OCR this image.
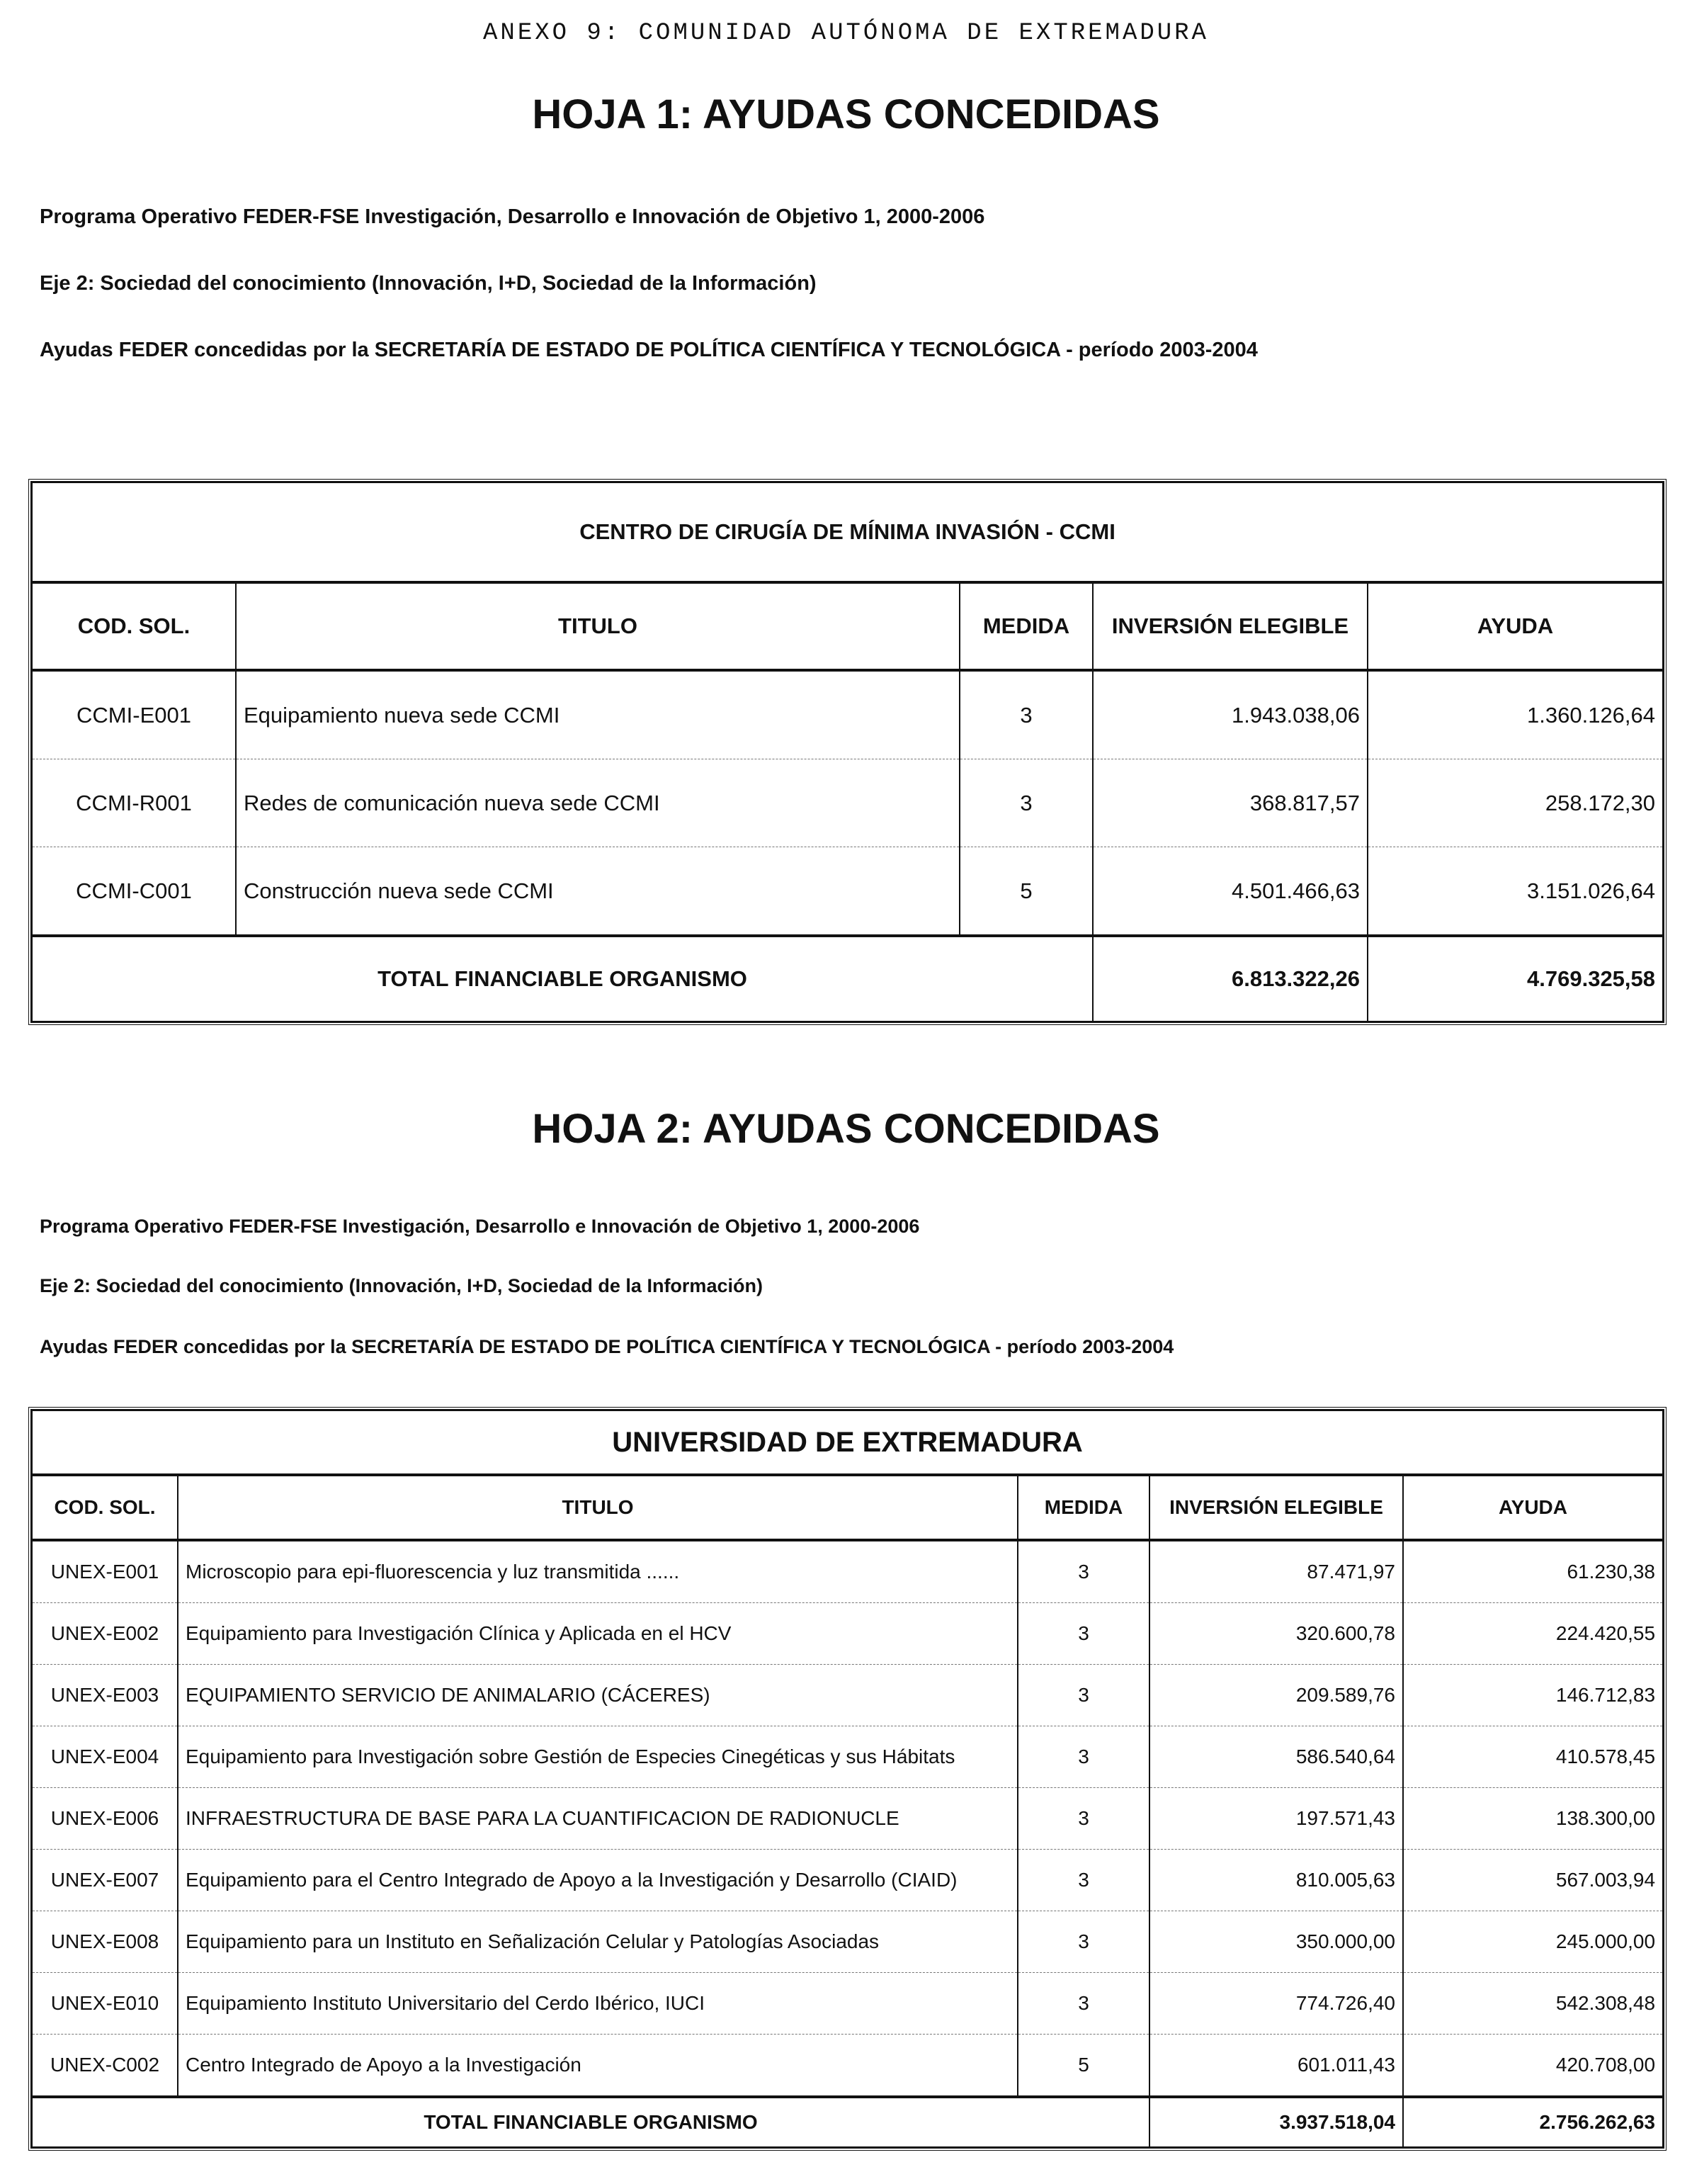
ANEXO 9: COMUNIDAD AUTÓNOMA DE EXTREMADURA
HOJA 1: AYUDAS CONCEDIDAS
Programa Operativo FEDER-FSE Investigación, Desarrollo e Innovación de Objetivo 1, 2000-2006
Eje 2: Sociedad del conocimiento (Innovación, I+D, Sociedad de la Información)
Ayudas FEDER concedidas por la SECRETARÍA DE ESTADO DE POLÍTICA CIENTÍFICA Y TECNOLÓGICA - período 2003-2004
CENTRO DE CIRUGÍA DE MÍNIMA INVASIÓN - CCMI				
COD. SOL.	TITULO	MEDIDA	INVERSIÓN ELEGIBLE	AYUDA
CCMI-E001	Equipamiento nueva sede CCMI	3	1.943.038,06	1.360.126,64
CCMI-R001	Redes de comunicación nueva sede CCMI	3	368.817,57	258.172,30
CCMI-C001	Construcción nueva sede CCMI	5	4.501.466,63	3.151.026,64
TOTAL FINANCIABLE ORGANISMO			6.813.322,26	4.769.325,58
HOJA 2: AYUDAS CONCEDIDAS
Programa Operativo FEDER-FSE Investigación, Desarrollo e Innovación de Objetivo 1, 2000-2006
Eje 2: Sociedad del conocimiento (Innovación, I+D, Sociedad de la Información)
Ayudas FEDER concedidas por la SECRETARÍA DE ESTADO DE POLÍTICA CIENTÍFICA Y TECNOLÓGICA - período 2003-2004
UNIVERSIDAD DE EXTREMADURA				
COD. SOL.	TITULO	MEDIDA	INVERSIÓN ELEGIBLE	AYUDA
UNEX-E001	Microscopio para epi-fluorescencia y luz transmitida ......	3	87.471,97	61.230,38
UNEX-E002	Equipamiento para Investigación Clínica y Aplicada en el HCV	3	320.600,78	224.420,55
UNEX-E003	EQUIPAMIENTO SERVICIO DE ANIMALARIO (CÁCERES)	3	209.589,76	146.712,83
UNEX-E004	Equipamiento para Investigación sobre Gestión de Especies Cinegéticas y sus Hábitats	3	586.540,64	410.578,45
UNEX-E006	INFRAESTRUCTURA DE BASE PARA LA CUANTIFICACION DE RADIONUCLE	3	197.571,43	138.300,00
UNEX-E007	Equipamiento para el Centro Integrado de Apoyo a la Investigación y Desarrollo (CIAID)	3	810.005,63	567.003,94
UNEX-E008	Equipamiento para un Instituto en Señalización Celular y Patologías Asociadas	3	350.000,00	245.000,00
UNEX-E010	Equipamiento Instituto Universitario del Cerdo Ibérico, IUCI	3	774.726,40	542.308,48
UNEX-C002	Centro Integrado de Apoyo a la Investigación	5	601.011,43	420.708,00
TOTAL FINANCIABLE ORGANISMO			3.937.518,04	2.756.262,63
